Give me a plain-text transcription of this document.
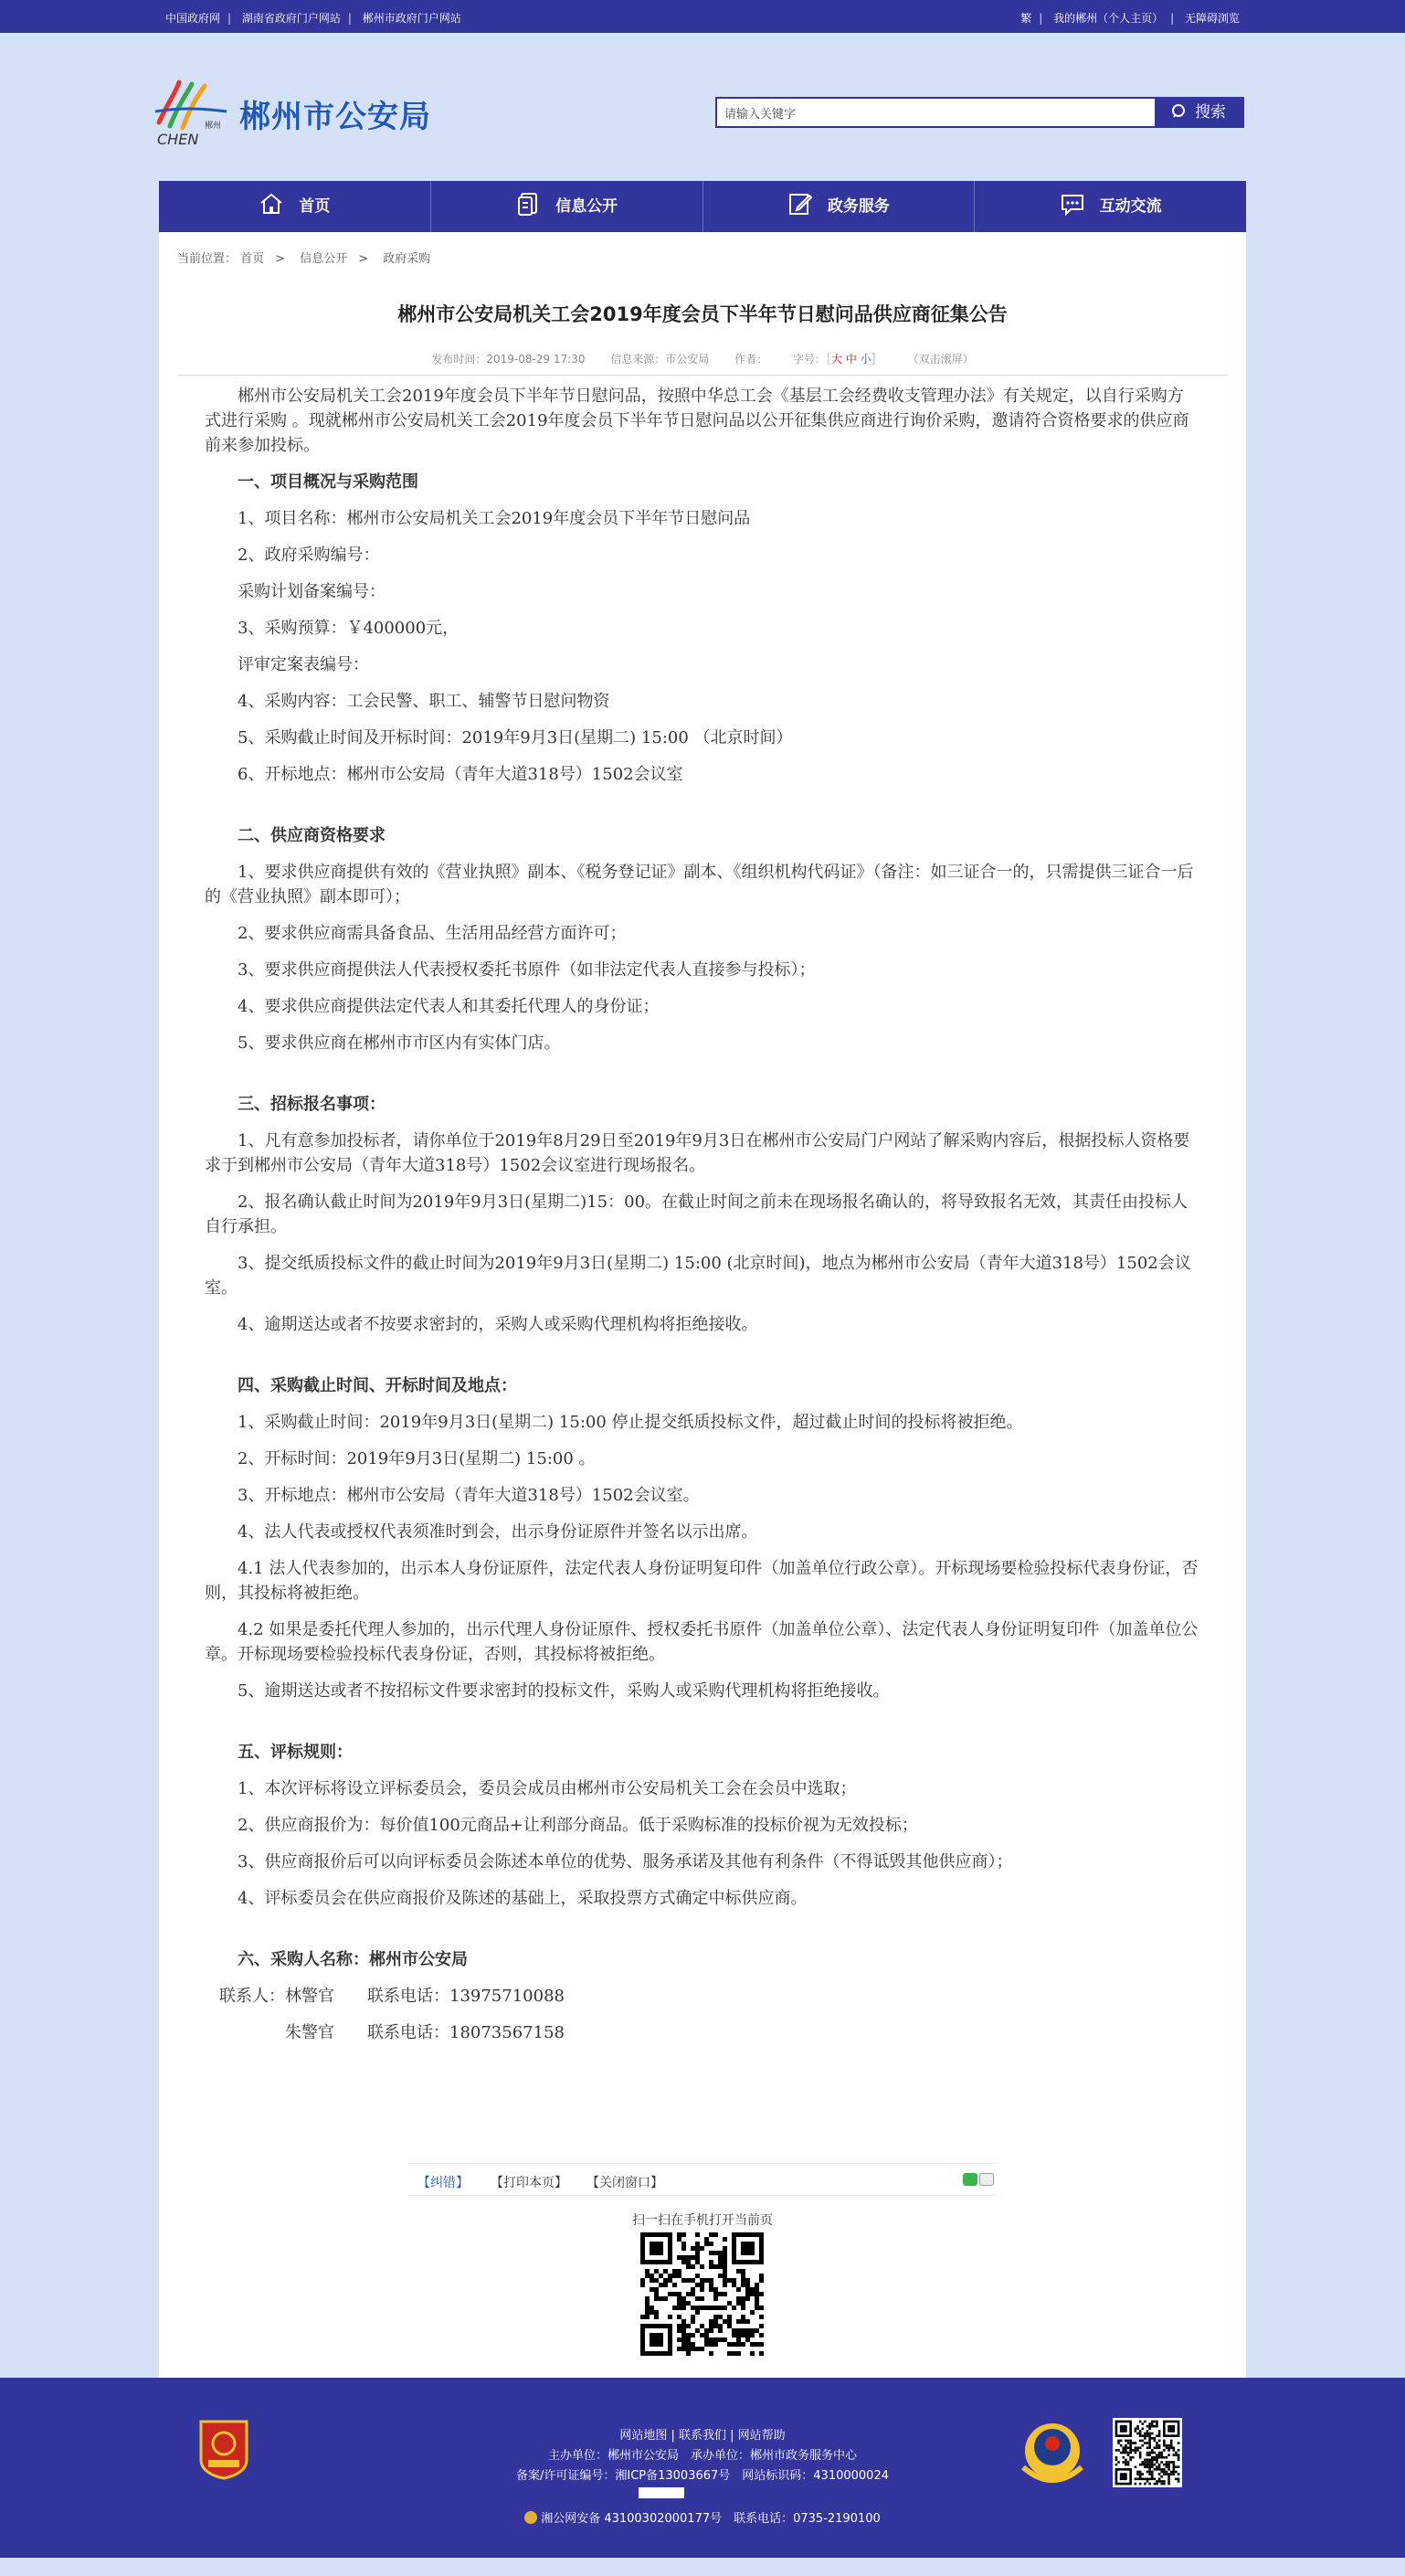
中国政府网 | 湖南省政府门户网站 | 郴州市政府门户网站	繁 | 我的郴州（个人主页） | 无障碍浏览
郴州
CHEN
郴州市公安局
请输入关键字	搜索
首页	信息公开	政务服务	互动交流
当前位置： 首页 > 信息公开 > 政府采购
郴州市公安局机关工会2019年度会员下半年节日慰问品供应商征集公告
发布时间：2019-08-29 17:30 信息来源：市公安局 作者： 字号：［大 中 小］ （双击滚屏）

郴州市公安局机关工会2019年度会员下半年节日慰问品，按照中华总工会《基层工会经费收支管理办法》有关规定，以自行采购方式进行采购 。现就郴州市公安局机关工会2019年度会员下半年节日慰问品以公开征集供应商进行询价采购，邀请符合资格要求的供应商前来参加投标。

一、项目概况与采购范围

1、项目名称：郴州市公安局机关工会2019年度会员下半年节日慰问品

2、政府采购编号：

采购计划备案编号：

3、采购预算：￥400000元，

评审定案表编号：

4、采购内容：工会民警、职工、辅警节日慰问物资

5、采购截止时间及开标时间：2019年9月3日(星期二) 15:00 （北京时间）

6、开标地点：郴州市公安局（青年大道318号）1502会议室

二、供应商资格要求

1、要求供应商提供有效的《营业执照》副本、《税务登记证》副本、《组织机构代码证》（备注：如三证合一的，只需提供三证合一后的《营业执照》副本即可）；

2、要求供应商需具备食品、生活用品经营方面许可；

3、要求供应商提供法人代表授权委托书原件（如非法定代表人直接参与投标）；

4、要求供应商提供法定代表人和其委托代理人的身份证；

5、要求供应商在郴州市市区内有实体门店。

三、招标报名事项：

1、凡有意参加投标者，请你单位于2019年8月29日至2019年9月3日在郴州市公安局门户网站了解采购内容后，根据投标人资格要求于到郴州市公安局（青年大道318号）1502会议室进行现场报名。

2、报名确认截止时间为2019年9月3日(星期二)15：00。在截止时间之前未在现场报名确认的，将导致报名无效，其责任由投标人自行承担。

3、提交纸质投标文件的截止时间为2019年9月3日(星期二) 15:00 (北京时间)，地点为郴州市公安局（青年大道318号）1502会议室。

4、逾期送达或者不按要求密封的，采购人或采购代理机构将拒绝接收。

四、采购截止时间、开标时间及地点：

1、采购截止时间：2019年9月3日(星期二) 15:00 停止提交纸质投标文件，超过截止时间的投标将被拒绝。

2、开标时间：2019年9月3日(星期二) 15:00 。

3、开标地点：郴州市公安局（青年大道318号）1502会议室。

4、法人代表或授权代表须准时到会，出示身份证原件并签名以示出席。

4.1 法人代表参加的，出示本人身份证原件，法定代表人身份证明复印件（加盖单位行政公章）。开标现场要检验投标代表身份证，否则，其投标将被拒绝。

4.2 如果是委托代理人参加的，出示代理人身份证原件、授权委托书原件（加盖单位公章）、法定代表人身份证明复印件（加盖单位公章。开标现场要检验投标代表身份证，否则，其投标将被拒绝。

5、逾期送达或者不按招标文件要求密封的投标文件，采购人或采购代理机构将拒绝接收。

五、评标规则：

1、本次评标将设立评标委员会，委员会成员由郴州市公安局机关工会在会员中选取；

2、供应商报价为：每价值100元商品+让利部分商品。低于采购标准的投标价视为无效投标；

3、供应商报价后可以向评标委员会陈述本单位的优势、服务承诺及其他有利条件（不得诋毁其他供应商）；

4、评标委员会在供应商报价及陈述的基础上，采取投票方式确定中标供应商。

六、采购人名称：郴州市公安局

联系人：林警官　　联系电话：13975710088

　　　　朱警官　　联系电话：18073567158

【纠错】 【打印本页】 【关闭窗口】
扫一扫在手机打开当前页
网站地图 | 联系我们 | 网站帮助
主办单位：郴州市公安局　承办单位：郴州市政务服务中心
备案/许可证编号：湘ICP备13003667号　网站标识码：4310000024
湘公网安备 43100302000177号　联系电话：0735-2190100
